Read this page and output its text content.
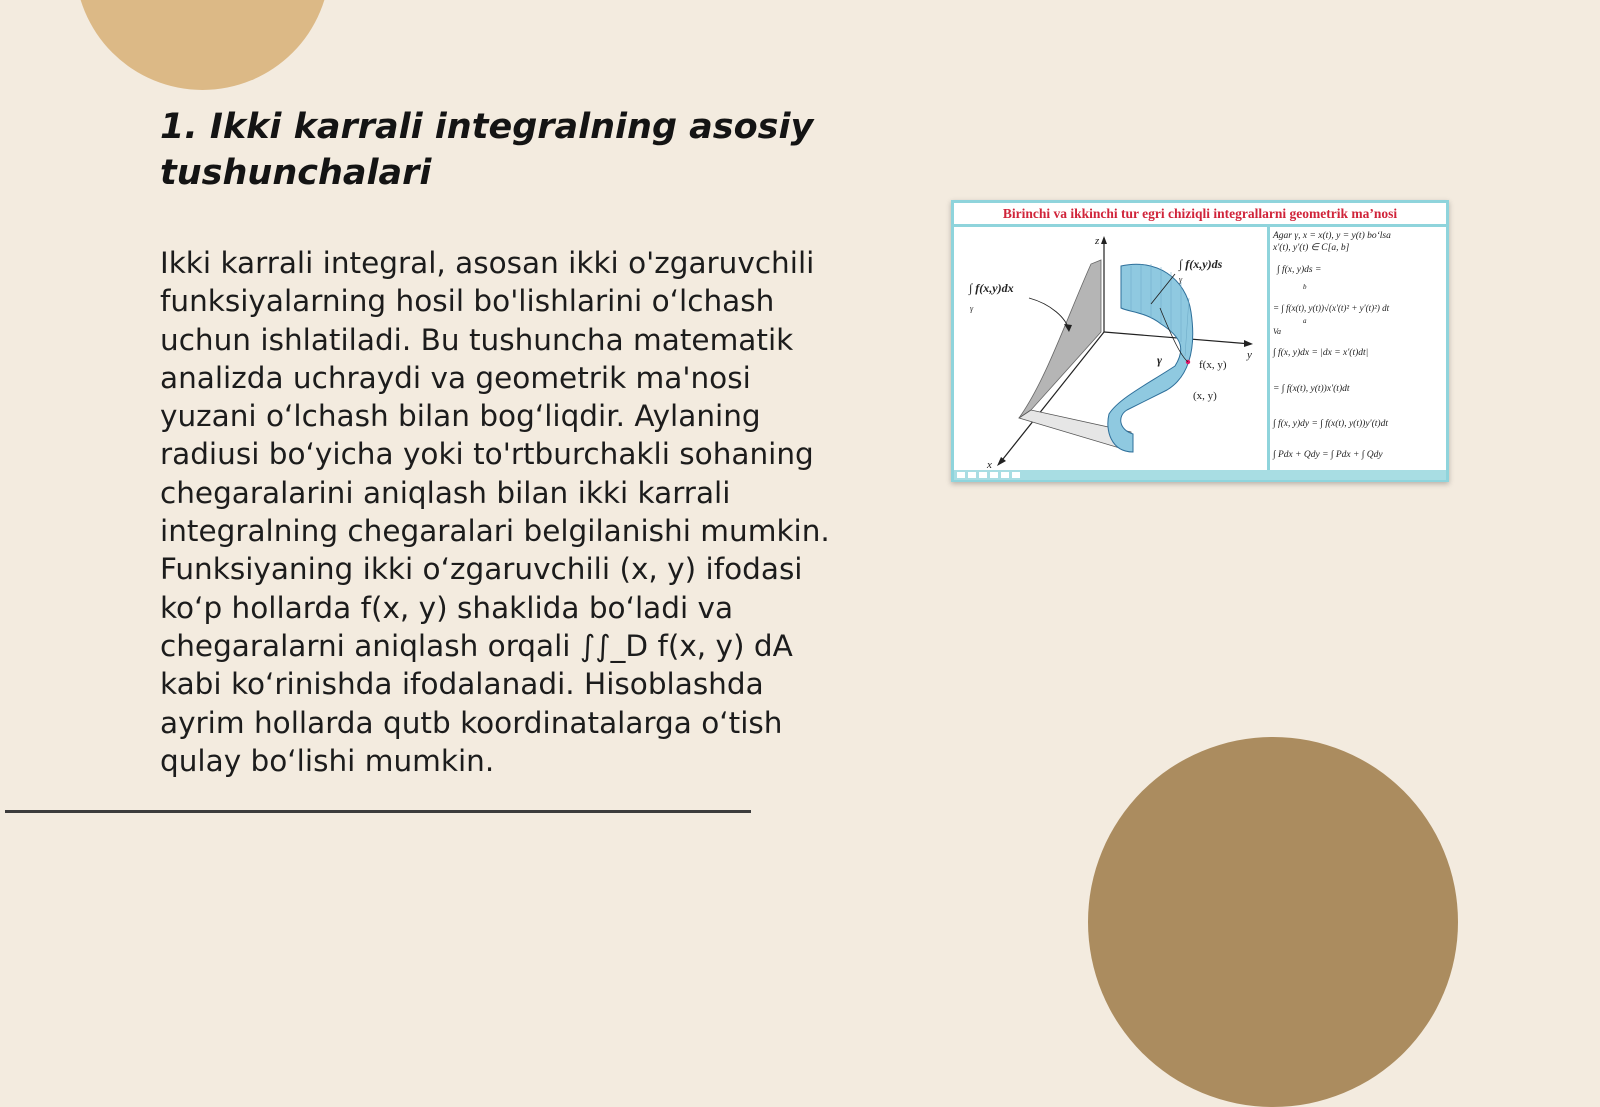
1. Ikki karrali integralning asosiy tushunchalari

Ikki karrali integral, asosan ikki o'zgaruvchili funksiyalarning hosil bo'lishlarini oʻlchash uchun ishlatiladi. Bu tushuncha matematik analizda uchraydi va geometrik ma'nosi yuzani oʻlchash bilan bogʻliqdir. Aylaning radiusi boʻyicha yoki to'rtburchakli sohaning chegaralarini aniqlash bilan ikki karrali integralning chegaralari belgilanishi mumkin. Funksiyaning ikki oʻzgaruvchili (x, y) ifodasi koʻp hollarda f(x, y) shaklida boʻladi va chegaralarni aniqlash orqali ∫∫_D f(x, y) dA kabi koʻrinishda ifodalanadi. Hisoblashda ayrim hollarda qutb koordinatalarga oʻtish qulay boʻlishi mumkin.

Birinchi va ikkinchi tur egri chiziqli integrallarni geometrik ma’nosi
z
y
x
∫ f(x,y)ds
γ
∫ f(x,y)dx
γ
γ	f(x, y)
(x, y)
Agar γ, x = x(t), y = y(t) bo‘lsa
x′(t), y′(t) ∈ C[a, b]
∫ f(x, y)ds =
b
= ∫ f(x(t), y(t))√(x′(t)² + y′(t)²) dt
a
Va
∫ f(x, y)dx = |dx = x′(t)dt|
= ∫ f(x(t), y(t))x′(t)dt
∫ f(x, y)dy = ∫ f(x(t), y(t))y′(t)dt
∫ Pdx + Qdy = ∫ Pdx + ∫ Qdy
